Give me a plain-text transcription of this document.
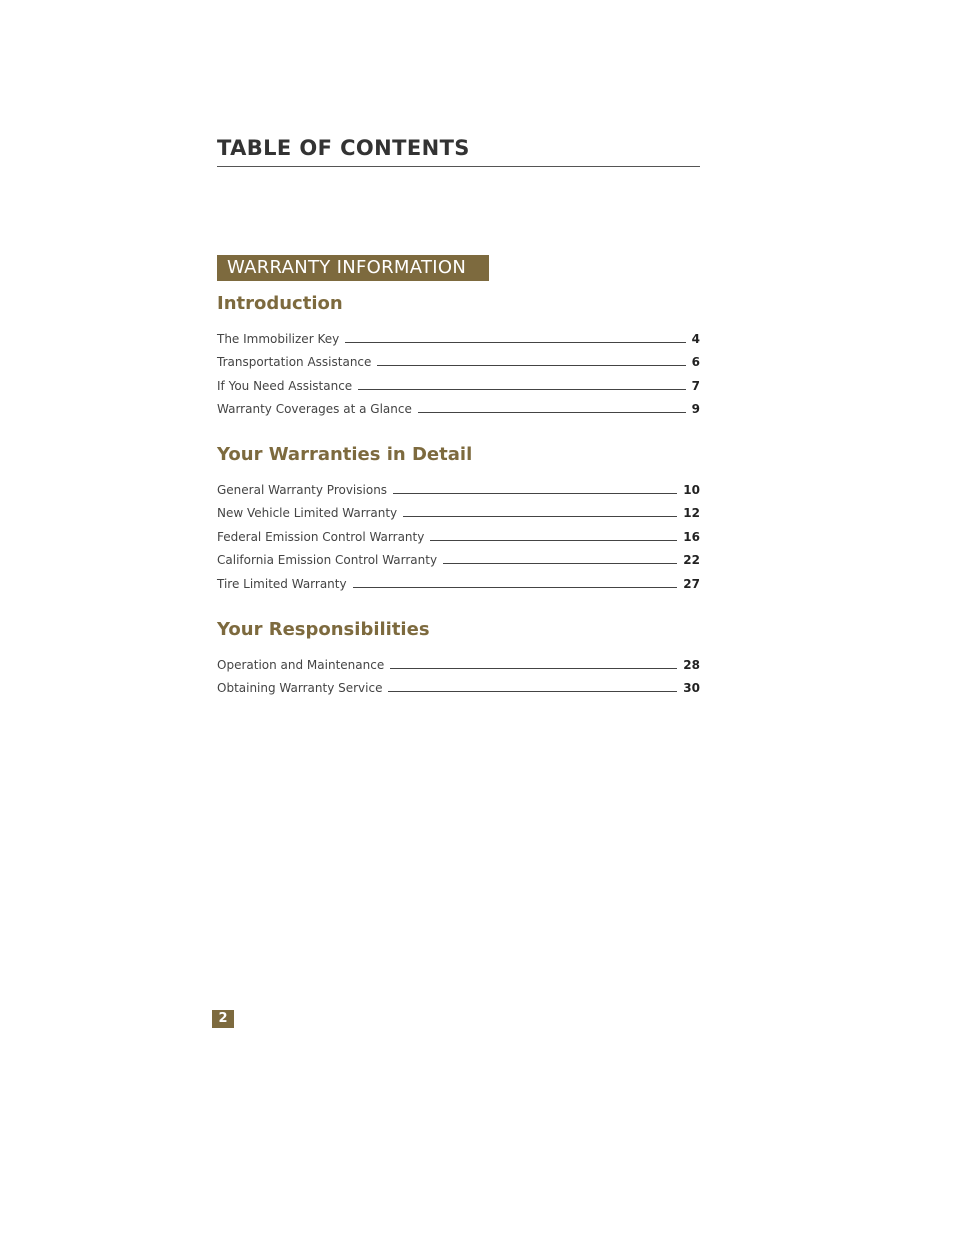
TABLE OF CONTENTS
WARRANTY INFORMATION
Introduction
The Immobilizer Key	4
Transportation Assistance	6
If You Need Assistance	7
Warranty Coverages at a Glance	9
Your Warranties in Detail
General Warranty Provisions	10
New Vehicle Limited Warranty	12
Federal Emission Control Warranty	16
California Emission Control Warranty	22
Tire Limited Warranty	27
Your Responsibilities
Operation and Maintenance	28
Obtaining Warranty Service	30
2
